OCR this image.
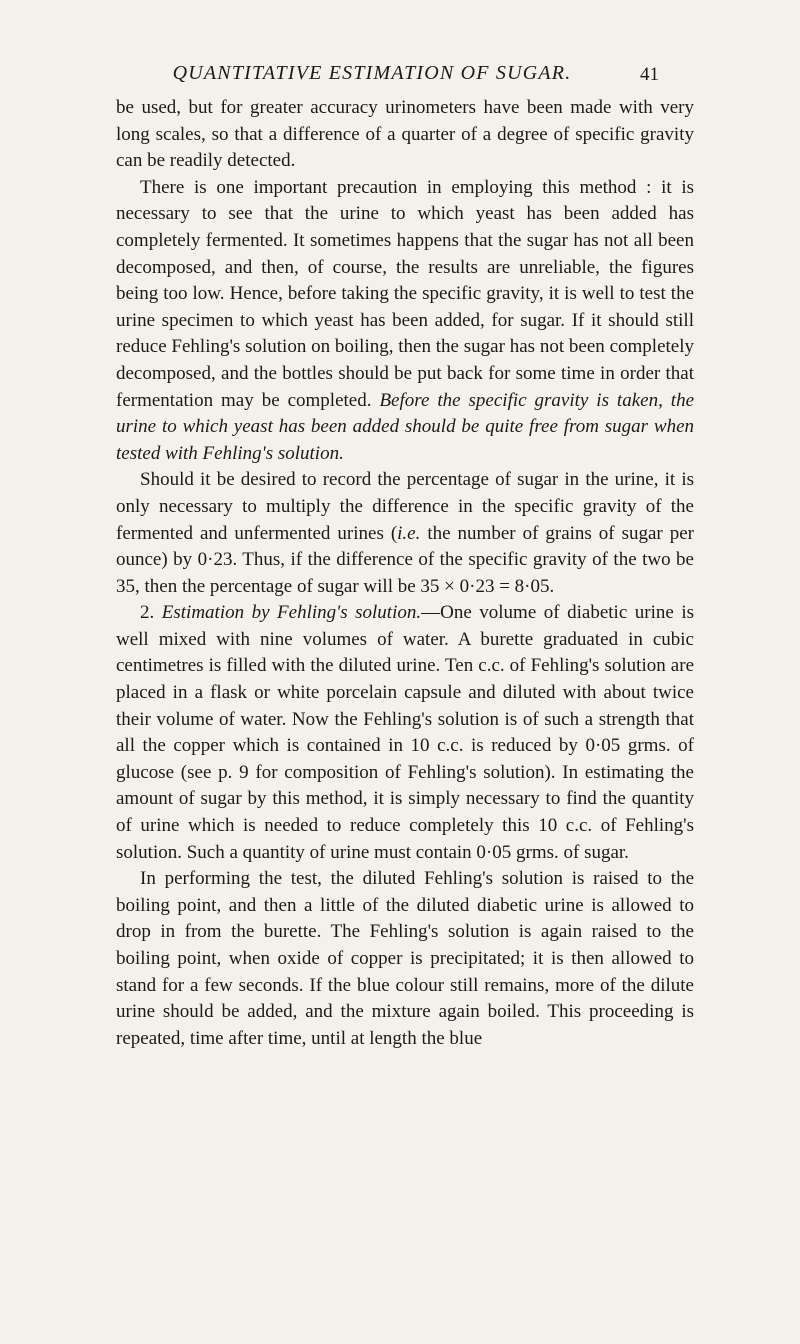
QUANTITATIVE ESTIMATION OF SUGAR.	41

be used, but for greater accuracy urinometers have been made with very long scales, so that a difference of a quarter of a degree of specific gravity can be readily detected.

There is one important precaution in employing this method : it is necessary to see that the urine to which yeast has been added has completely fermented. It sometimes happens that the sugar has not all been decomposed, and then, of course, the results are unreliable, the figures being too low. Hence, before taking the specific gravity, it is well to test the urine specimen to which yeast has been added, for sugar. If it should still reduce Fehling's solution on boiling, then the sugar has not been completely decomposed, and the bottles should be put back for some time in order that fermentation may be completed. Before the specific gravity is taken, the urine to which yeast has been added should be quite free from sugar when tested with Fehling's solution.

Should it be desired to record the percentage of sugar in the urine, it is only necessary to multiply the difference in the specific gravity of the fermented and unfermented urines (i.e. the number of grains of sugar per ounce) by 0·23. Thus, if the difference of the specific gravity of the two be 35, then the percentage of sugar will be 35 × 0·23 = 8·05.

2. Estimation by Fehling's solution.—One volume of diabetic urine is well mixed with nine volumes of water. A burette graduated in cubic centimetres is filled with the diluted urine. Ten c.c. of Fehling's solution are placed in a flask or white porcelain capsule and diluted with about twice their volume of water. Now the Fehling's solution is of such a strength that all the copper which is contained in 10 c.c. is reduced by 0·05 grms. of glucose (see p. 9 for composition of Fehling's solution). In estimating the amount of sugar by this method, it is simply necessary to find the quantity of urine which is needed to reduce completely this 10 c.c. of Fehling's solution. Such a quantity of urine must contain 0·05 grms. of sugar.

In performing the test, the diluted Fehling's solution is raised to the boiling point, and then a little of the diluted diabetic urine is allowed to drop in from the burette. The Fehling's solution is again raised to the boiling point, when oxide of copper is precipitated; it is then allowed to stand for a few seconds. If the blue colour still remains, more of the dilute urine should be added, and the mixture again boiled. This proceeding is repeated, time after time, until at length the blue
